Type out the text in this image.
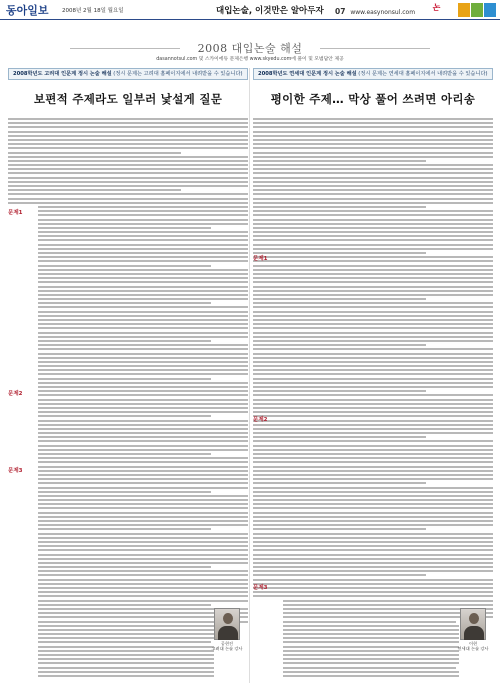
동아일보 2008년 2월 18일 월요일	대입논술, 이것만은 알아두자 07 www.easynonsul.com
논
2008 대입논술 해설
dasannotsul.com 및 스카이에듀 문제은행 www.skyedu.com에 풀이 및 모범답안 제공
2008학년도 고려대 인문계 정시 논술 해설 (정시 문제는 고려대 홈페이지에서 내려받을 수 있습니다)
보편적 주제라도 일부러 낯설게 질문
문제1
문제2
문제3
공현진
고려대 논술 강사
2008학년도 연세대 인문계 정시 논술 해설 (정시 문제는 연세대 홈페이지에서 내려받을 수 있습니다)
평이한 주제… 막상 풀어 쓰려면 아리송
문제1
문제2
문제3
이현
연세대 논술 강사
